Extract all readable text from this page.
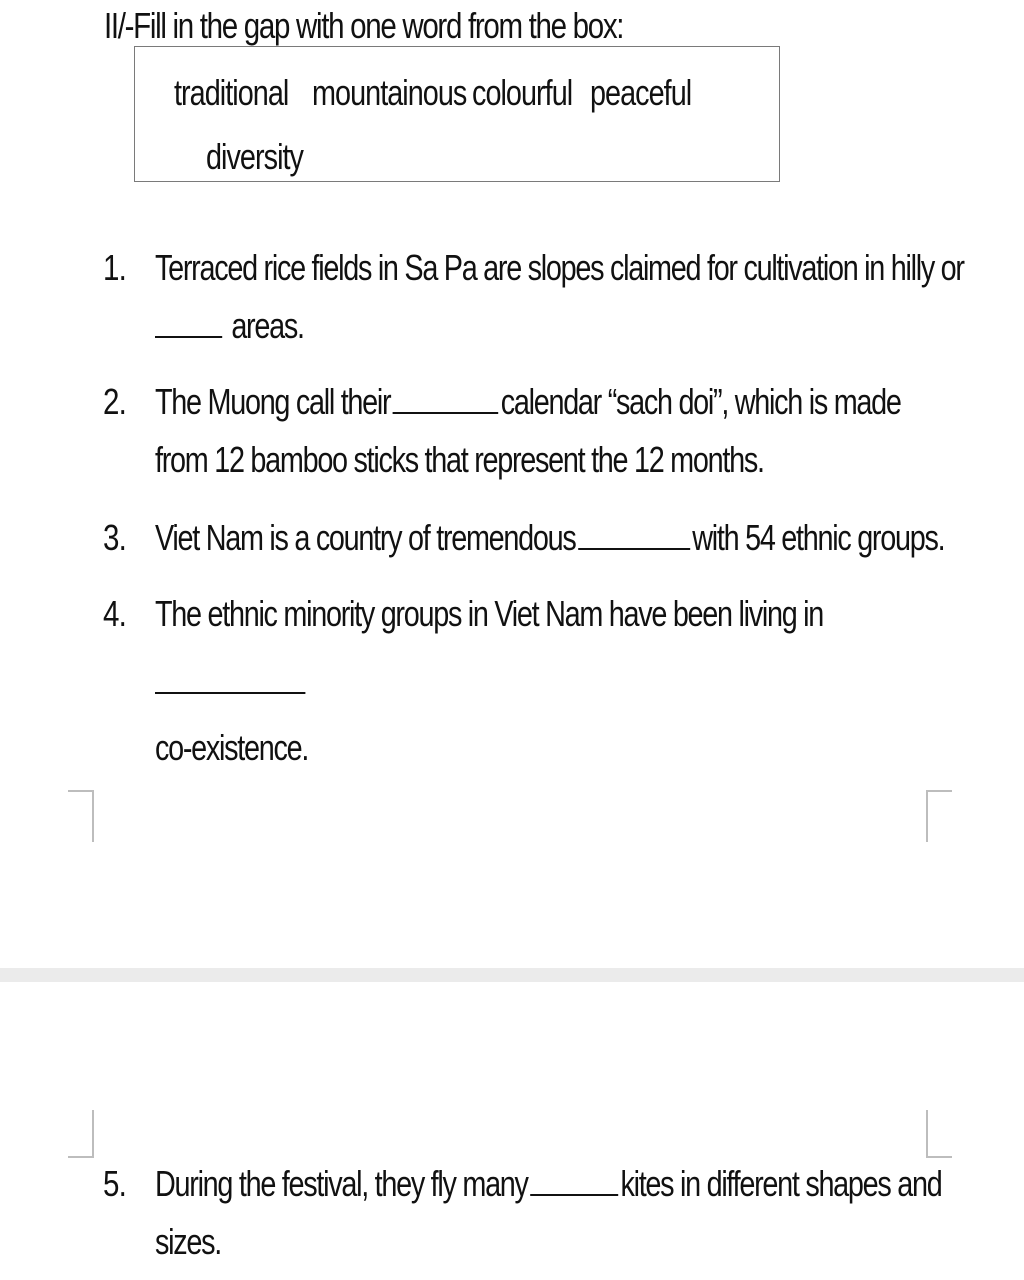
II/-Fill in the gap with one word from the box:
traditional mountainous colourful peaceful
diversity
1. Terraced rice fields in Sa Pa are slopes claimed for cultivation in hilly or
areas.
2. The Muong call their	calendar “sach doi”, which is made
from 12 bamboo sticks that represent the 12 months.
3. Viet Nam is a country of tremendous	with 54 ethnic groups.
4. The ethnic minority groups in Viet Nam have been living in
co-existence.
5. During the festival, they fly many	kites in different shapes and
sizes.
